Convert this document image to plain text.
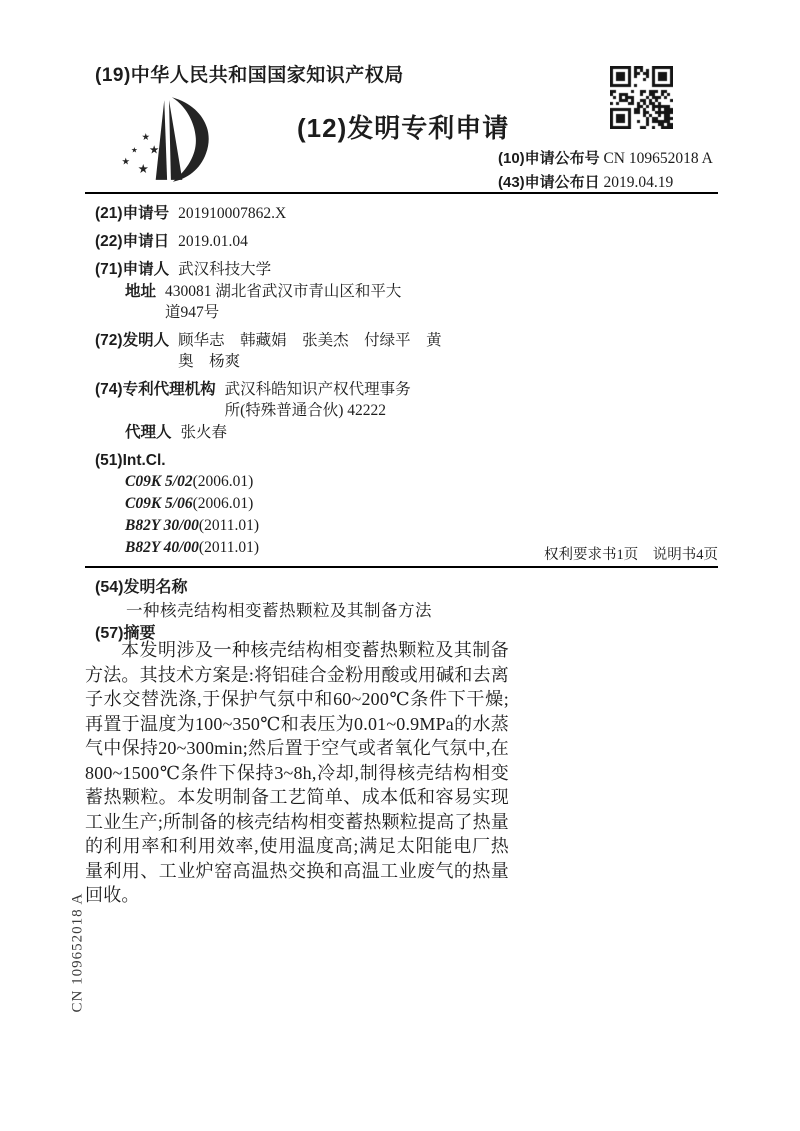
(19)中华人民共和国国家知识产权局
★
★ ★
★ ★
(12)发明专利申请
(10)申请公布号 CN 109652018 A
(43)申请公布日 2019.04.19
(21)申请号 201910007862.X
(22)申请日 2019.01.04
(71)申请人 武汉科技大学
地址 430081 湖北省武汉市青山区和平大道947号
(72)发明人 顾华志　韩藏娟　张美杰　付绿平　黄奥　杨爽
(74)专利代理机构 武汉科皓知识产权代理事务所(特殊普通合伙) 42222
代理人 张火春
(51)Int.Cl.
C09K 5/02(2006.01)
C09K 5/06(2006.01)
B82Y 30/00(2011.01)
B82Y 40/00(2011.01)	权利要求书1页　说明书4页
(54)发明名称
一种核壳结构相变蓄热颗粒及其制备方法
(57)摘要
本发明涉及一种核壳结构相变蓄热颗粒及其制备方法。其技术方案是:将铝硅合金粉用酸或用碱和去离子水交替洗涤,于保护气氛中和60~200℃条件下干燥;再置于温度为100~350℃和表压为0.01~0.9MPa的水蒸气中保持20~300min;然后置于空气或者氧化气氛中,在800~1500℃条件下保持3~8h,冷却,制得核壳结构相变蓄热颗粒。本发明制备工艺简单、成本低和容易实现工业生产;所制备的核壳结构相变蓄热颗粒提高了热量的利用率和利用效率,使用温度高;满足太阳能电厂热量利用、工业炉窑高温热交换和高温工业废气的热量回收。
CN 109652018 A
